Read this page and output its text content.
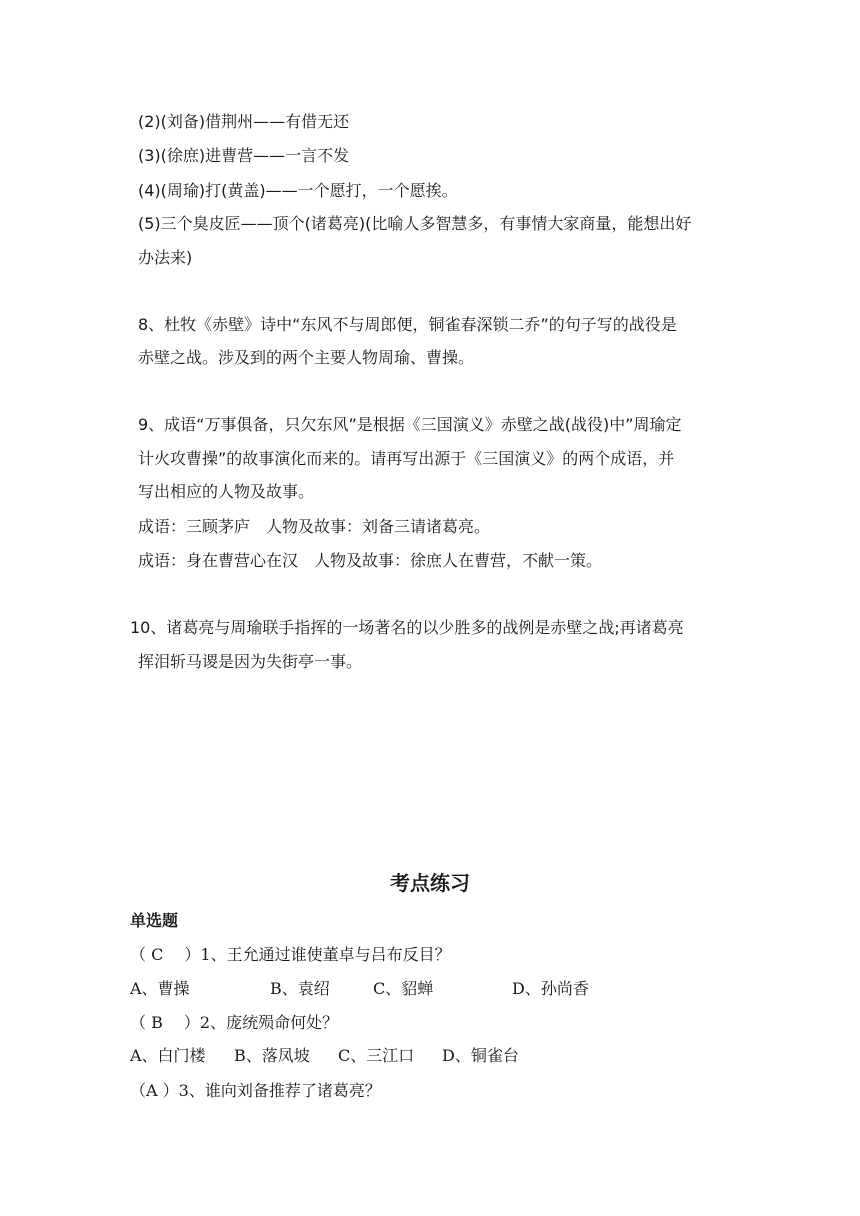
(2)(刘备)借荆州——有借无还
(3)(徐庶)进曹营——一言不发
(4)(周瑜)打(黄盖)——一个愿打，一个愿挨。
(5)三个臭皮匠——顶个(诸葛亮)(比喻人多智慧多，有事情大家商量，能想出好
办法来)
8、杜牧《赤壁》诗中“东风不与周郎便，铜雀春深锁二乔”的句子写的战役是
赤壁之战。涉及到的两个主要人物周瑜、曹操。
9、成语“万事俱备，只欠东风”是根据《三国演义》赤壁之战(战役)中”周瑜定
计火攻曹操”的故事演化而来的。请再写出源于《三国演义》的两个成语，并
写出相应的人物及故事。
成语：三顾茅庐　人物及故事：刘备三请诸葛亮。
成语：身在曹营心在汉　人物及故事：徐庶人在曹营，不献一策。
10、诸葛亮与周瑜联手指挥的一场著名的以少胜多的战例是赤壁之战;再诸葛亮
挥泪斩马谡是因为失街亭一事。
考点练习
单选题
（ C　 ）1、王允通过谁使董卓与吕布反目？
A、曹操	B、袁绍	C、貂蝉	D、孙尚香
（ B　 ）2、庞统殒命何处？
A、白门楼 B、落凤坡 C、三江口 D、铜雀台
（A ）3、谁向刘备推荐了诸葛亮？
